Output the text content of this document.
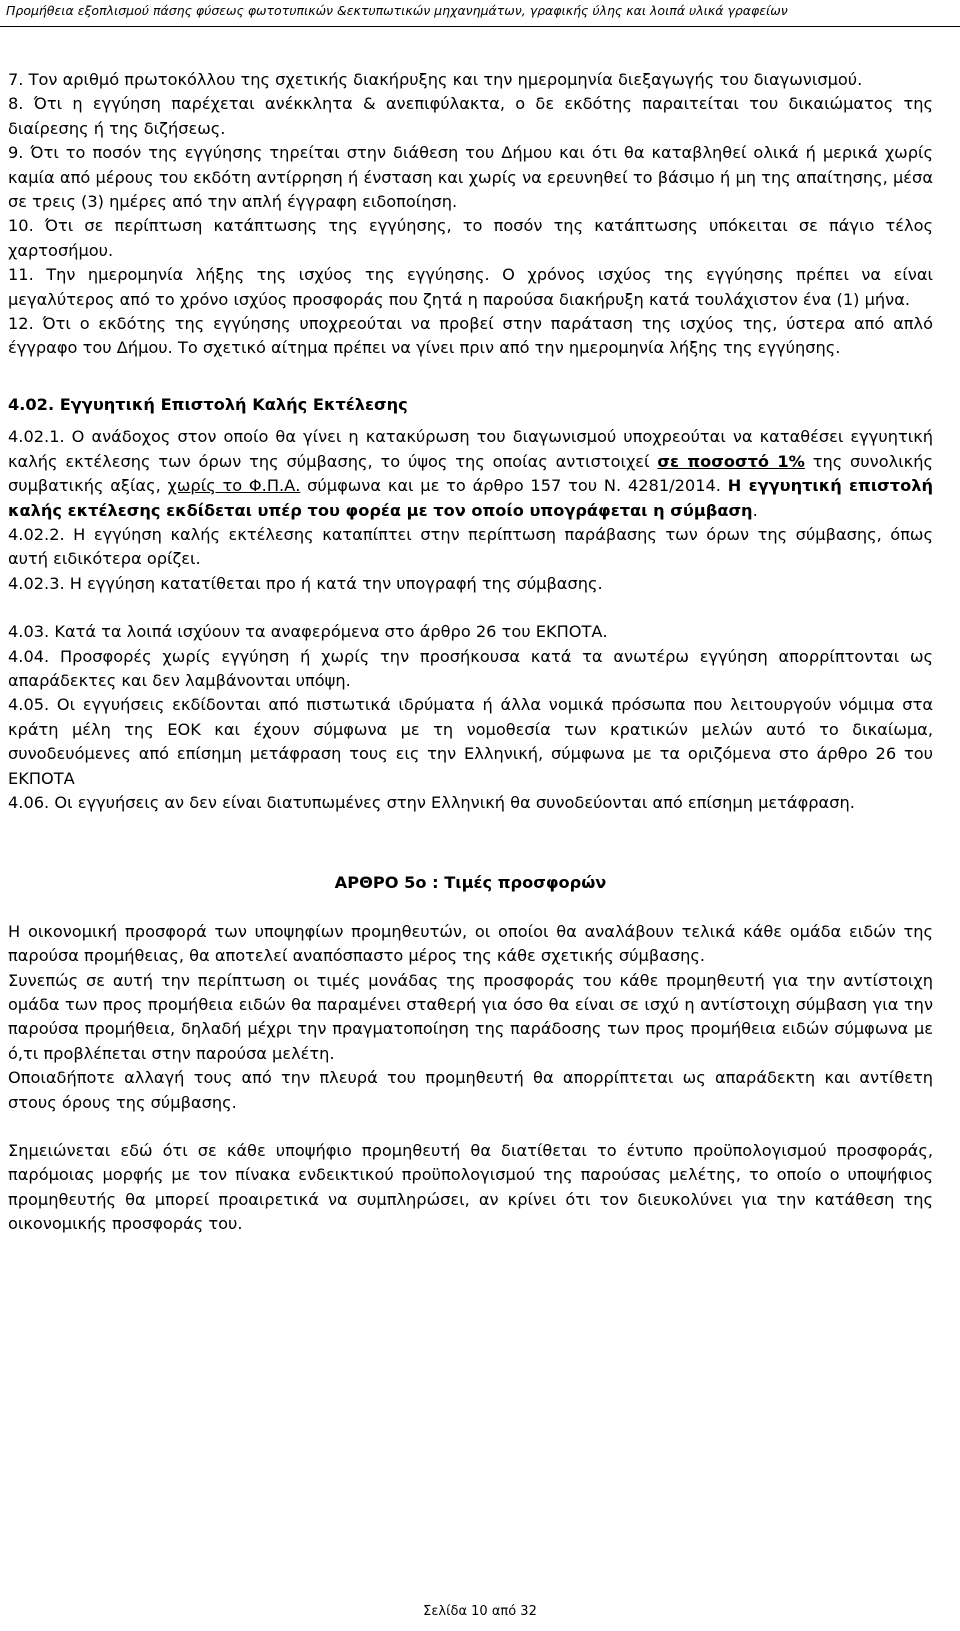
Προμήθεια εξοπλισμού πάσης φύσεως φωτοτυπικών &εκτυπωτικών μηχανημάτων, γραφικής ύλης και λοιπά υλικά γραφείων

7. Τον αριθμό πρωτοκόλλου της σχετικής διακήρυξης και την ημερομηνία διεξαγωγής του διαγωνισμού.

8. Ότι η εγγύηση παρέχεται ανέκκλητα & ανεπιφύλακτα, ο δε εκδότης παραιτείται του δικαιώματος της διαίρεσης ή της διζήσεως.

9. Ότι το ποσόν της εγγύησης τηρείται στην διάθεση του Δήμου και ότι θα καταβληθεί ολικά ή μερικά χωρίς καμία από μέρους του εκδότη αντίρρηση ή ένσταση και χωρίς να ερευνηθεί το βάσιμο ή μη της απαίτησης, μέσα σε τρεις (3) ημέρες από την απλή έγγραφη ειδοποίηση.

10. Ότι σε περίπτωση κατάπτωσης της εγγύησης, το ποσόν της κατάπτωσης υπόκειται σε πάγιο τέλος χαρτοσήμου.

11. Την ημερομηνία λήξης της ισχύος της εγγύησης. Ο χρόνος ισχύος της εγγύησης πρέπει να είναι μεγαλύτερος από το χρόνο ισχύος προσφοράς που ζητά η παρούσα διακήρυξη κατά τουλάχιστον ένα (1) μήνα.

12. Ότι ο εκδότης της εγγύησης υποχρεούται να προβεί στην παράταση της ισχύος της, ύστερα από απλό έγγραφο του Δήμου. Το σχετικό αίτημα πρέπει να γίνει πριν από την ημερομηνία λήξης της εγγύησης.

4.02. Εγγυητική Επιστολή Καλής Εκτέλεσης

4.02.1. Ο ανάδοχος στον οποίο θα γίνει η κατακύρωση του διαγωνισμού υποχρεούται να καταθέσει εγγυητική καλής εκτέλεσης των όρων της σύμβασης, το ύψος της οποίας αντιστοιχεί σε ποσοστό 1% της συνολικής συμβατικής αξίας, χωρίς το Φ.Π.Α. σύμφωνα και με το άρθρο 157 του Ν. 4281/2014. Η εγγυητική επιστολή καλής εκτέλεσης εκδίδεται υπέρ του φορέα με τον οποίο υπογράφεται η σύμβαση.

4.02.2. Η εγγύηση καλής εκτέλεσης καταπίπτει στην περίπτωση παράβασης των όρων της σύμβασης, όπως αυτή ειδικότερα ορίζει.

4.02.3. Η εγγύηση κατατίθεται προ ή κατά την υπογραφή της σύμβασης.

4.03. Κατά τα λοιπά ισχύουν τα αναφερόμενα στο άρθρο 26 του ΕΚΠΟΤΑ.

4.04. Προσφορές χωρίς εγγύηση ή χωρίς την προσήκουσα κατά τα ανωτέρω εγγύηση απορρίπτονται ως απαράδεκτες και δεν λαμβάνονται υπόψη.

4.05. Οι εγγυήσεις εκδίδονται από πιστωτικά ιδρύματα ή άλλα νομικά πρόσωπα που λειτουργούν νόμιμα στα κράτη μέλη της ΕΟΚ και έχουν σύμφωνα με τη νομοθεσία των κρατικών μελών αυτό το δικαίωμα, συνοδευόμενες από επίσημη μετάφραση τους εις την Ελληνική, σύμφωνα με τα οριζόμενα στο άρθρο 26 του ΕΚΠΟΤΑ

4.06. Οι εγγυήσεις αν δεν είναι διατυπωμένες στην Ελληνική θα συνοδεύονται από επίσημη μετάφραση.

ΑΡΘΡΟ 5ο : Τιμές προσφορών

Η οικονομική προσφορά των υποψηφίων προμηθευτών, οι οποίοι θα αναλάβουν τελικά κάθε ομάδα ειδών της παρούσα προμήθειας, θα αποτελεί αναπόσπαστο μέρος της κάθε σχετικής σύμβασης.

Συνεπώς σε αυτή την περίπτωση οι τιμές μονάδας της προσφοράς του κάθε προμηθευτή για την αντίστοιχη ομάδα των προς προμήθεια ειδών θα παραμένει σταθερή για όσο θα είναι σε ισχύ η αντίστοιχη σύμβαση για την παρούσα προμήθεια, δηλαδή μέχρι την πραγματοποίηση της παράδοσης των προς προμήθεια ειδών σύμφωνα με ό,τι προβλέπεται στην παρούσα μελέτη.

Οποιαδήποτε αλλαγή τους από την πλευρά του προμηθευτή θα απορρίπτεται ως απαράδεκτη και αντίθετη στους όρους της σύμβασης.

Σημειώνεται εδώ ότι σε κάθε υποψήφιο προμηθευτή θα διατίθεται το έντυπο προϋπολογισμού προσφοράς, παρόμοιας μορφής με τον πίνακα ενδεικτικού προϋπολογισμού της παρούσας μελέτης, το οποίο ο υποψήφιος προμηθευτής θα μπορεί προαιρετικά να συμπληρώσει, αν κρίνει ότι τον διευκολύνει για την κατάθεση της οικονομικής προσφοράς του.

Σελίδα 10 από 32
